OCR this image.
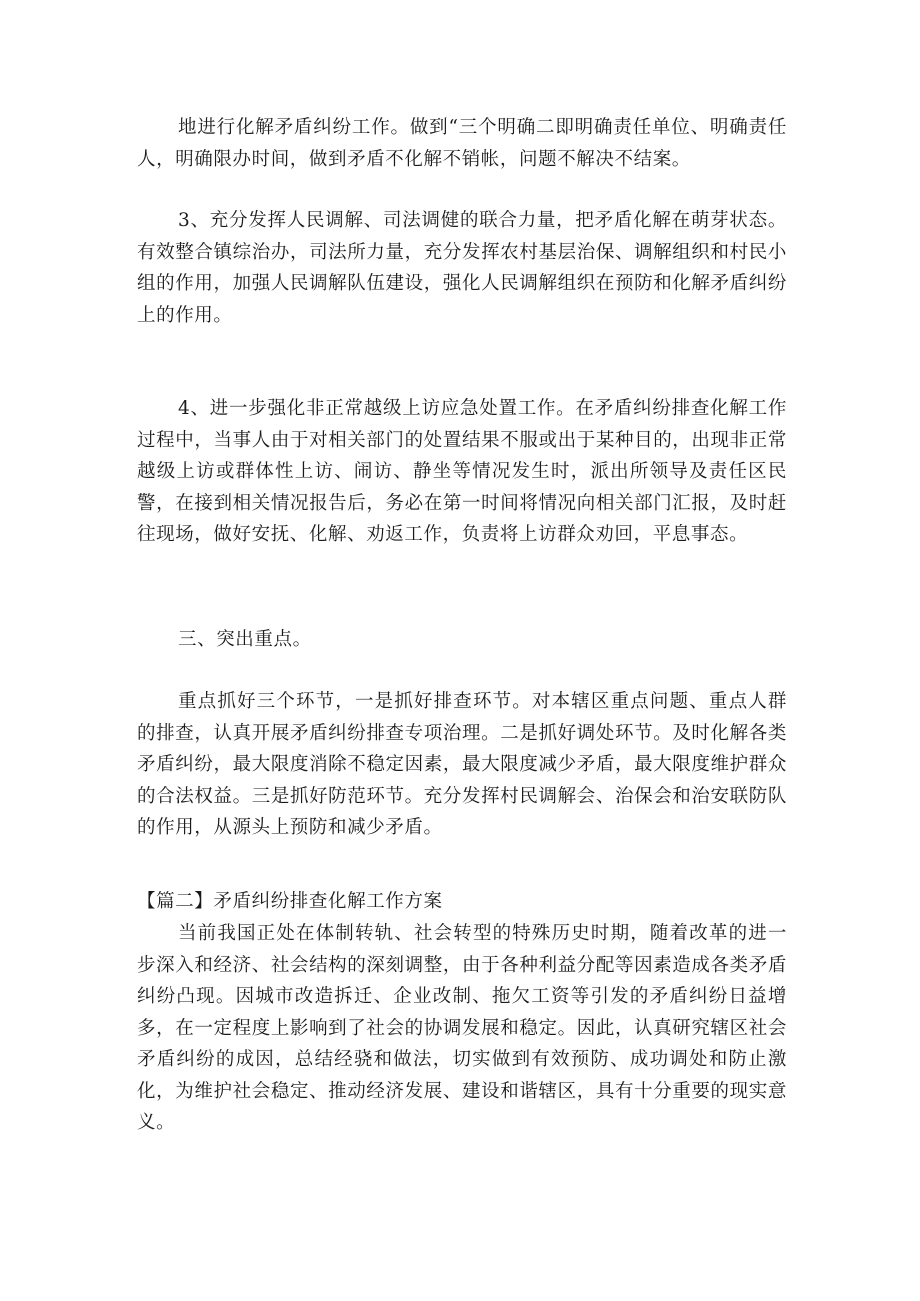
地进行化解矛盾纠纷工作。做到“三个明确二即明确责任单位、明确责任人，明确限办时间，做到矛盾不化解不销帐，问题不解决不结案。

3、充分发挥人民调解、司法调健的联合力量，把矛盾化解在萌芽状态。有效整合镇综治办，司法所力量，充分发挥农村基层治保、调解组织和村民小组的作用，加强人民调解队伍建设，强化人民调解组织在预防和化解矛盾纠纷上的作用。

4、进一步强化非正常越级上访应急处置工作。在矛盾纠纷排查化解工作过程中，当事人由于对相关部门的处置结果不服或出于某种目的，出现非正常越级上访或群体性上访、闹访、静坐等情况发生时，派出所领导及责任区民警，在接到相关情况报告后，务必在第一时间将情况向相关部门汇报，及时赶往现场，做好安抚、化解、劝返工作，负责将上访群众劝回，平息事态。

三、突出重点。

重点抓好三个环节，一是抓好排查环节。对本辖区重点问题、重点人群的排查，认真开展矛盾纠纷排查专项治理。二是抓好调处环节。及时化解各类矛盾纠纷，最大限度消除不稳定因素，最大限度减少矛盾，最大限度维护群众的合法权益。三是抓好防范环节。充分发挥村民调解会、治保会和治安联防队的作用，从源头上预防和减少矛盾。

【篇二】矛盾纠纷排查化解工作方案

当前我国正处在体制转轨、社会转型的特殊历史时期，随着改革的进一步深入和经济、社会结构的深刻调整，由于各种利益分配等因素造成各类矛盾纠纷凸现。因城市改造拆迁、企业改制、拖欠工资等引发的矛盾纠纷日益增多，在一定程度上影响到了社会的协调发展和稳定。因此，认真研究辖区社会矛盾纠纷的成因，总结经骁和做法，切实做到有效预防、成功调处和防止激化，为维护社会稳定、推动经济发展、建设和谐辖区，具有十分重要的现实意义。
